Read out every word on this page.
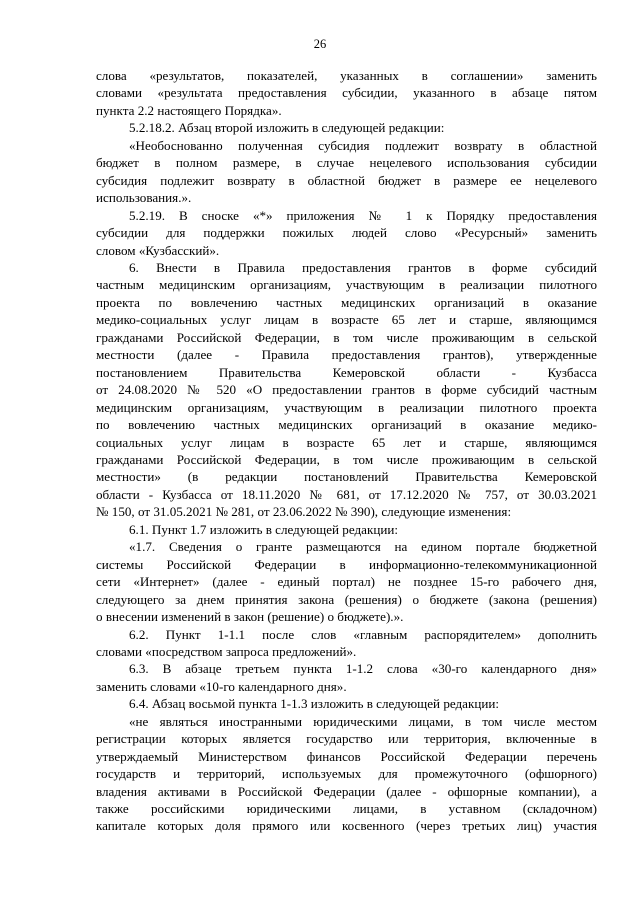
26
слова «результатов, показателей, указанных в соглашении» заменить
словами «результата предоставления субсидии, указанного в абзаце пятом
пункта 2.2 настоящего Порядка».
5.2.18.2. Абзац второй изложить в следующей редакции:
«Необоснованно полученная субсидия подлежит возврату в областной
бюджет в полном размере, в случае нецелевого использования субсидии
субсидия подлежит возврату в областной бюджет в размере ее нецелевого
использования.».
5.2.19. В сноске «*» приложения № 1 к Порядку предоставления
субсидии для поддержки пожилых людей слово «Ресурсный» заменить
словом «Кузбасский».
6. Внести в Правила предоставления грантов в форме субсидий
частным медицинским организациям, участвующим в реализации пилотного
проекта по вовлечению частных медицинских организаций в оказание
медико-социальных услуг лицам в возрасте 65 лет и старше, являющимся
гражданами Российской Федерации, в том числе проживающим в сельской
местности (далее - Правила предоставления грантов), утвержденные
постановлением Правительства Кемеровской области - Кузбасса
от 24.08.2020 № 520 «О предоставлении грантов в форме субсидий частным
медицинским организациям, участвующим в реализации пилотного проекта
по вовлечению частных медицинских организаций в оказание медико-
социальных услуг лицам в возрасте 65 лет и старше, являющимся
гражданами Российской Федерации, в том числе проживающим в сельской
местности» (в редакции постановлений Правительства Кемеровской
области - Кузбасса от 18.11.2020 № 681, от 17.12.2020 № 757, от 30.03.2021
№ 150, от 31.05.2021 № 281, от 23.06.2022 № 390), следующие изменения:
6.1. Пункт 1.7 изложить в следующей редакции:
«1.7. Сведения о гранте размещаются на едином портале бюджетной
системы Российской Федерации в информационно-телекоммуникационной
сети «Интернет» (далее - единый портал) не позднее 15-го рабочего дня,
следующего за днем принятия закона (решения) о бюджете (закона (решения)
о внесении изменений в закон (решение) о бюджете).».
6.2. Пункт 1-1.1 после слов «главным распорядителем» дополнить
словами «посредством запроса предложений».
6.3. В абзаце третьем пункта 1-1.2 слова «30-го календарного дня»
заменить словами «10-го календарного дня».
6.4. Абзац восьмой пункта 1-1.3 изложить в следующей редакции:
«не являться иностранными юридическими лицами, в том числе местом
регистрации которых является государство или территория, включенные в
утверждаемый Министерством финансов Российской Федерации перечень
государств и территорий, используемых для промежуточного (офшорного)
владения активами в Российской Федерации (далее - офшорные компании), а
также российскими юридическими лицами, в уставном (складочном)
капитале которых доля прямого или косвенного (через третьих лиц) участия
